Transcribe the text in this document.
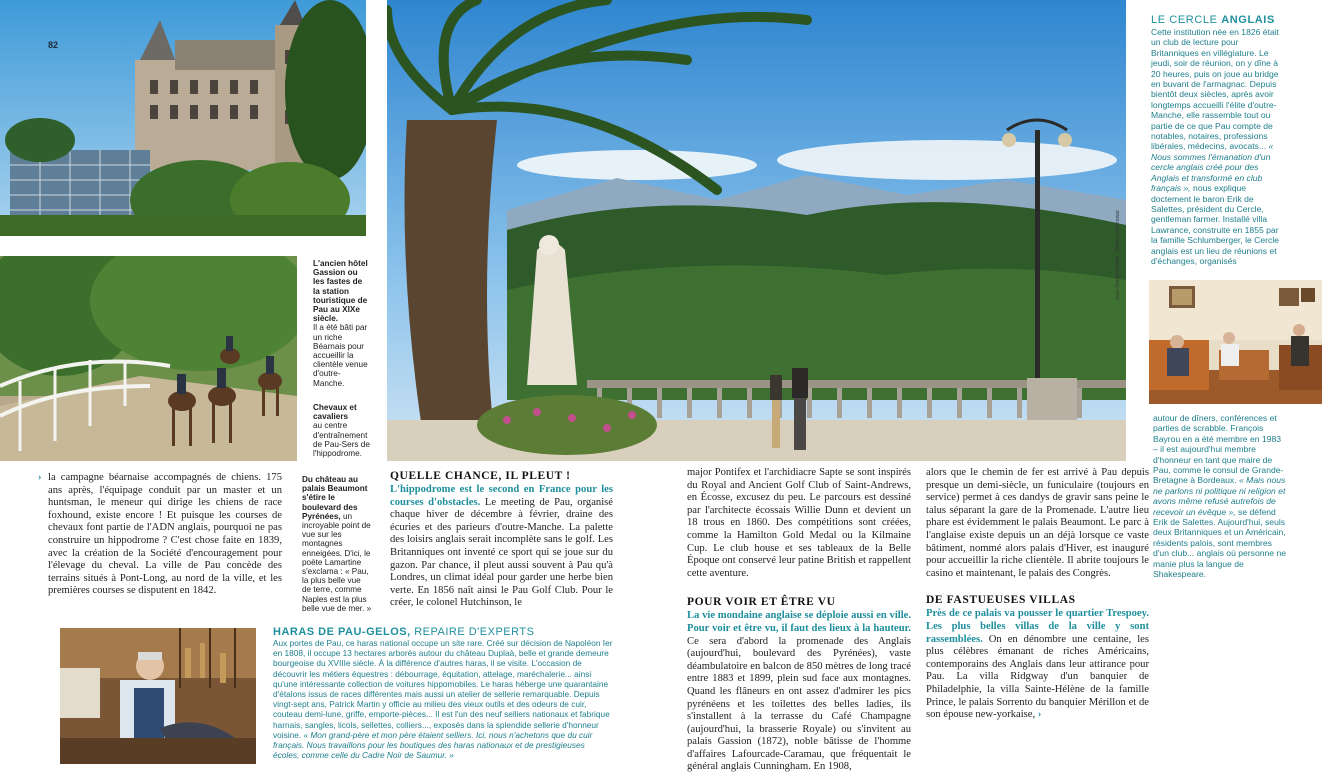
82
L'ancien hôtel Gassion ou les fastes de la station touristique de Pau au XIXe siècle.
Il a été bâti par un riche Béarnais pour accueillir la clientèle venue d'outre-Manche.
Chevaux et cavaliers
au centre d'entraînement de Pau-Sers de l'hippodrome.
Jean-Daniel Sudres · Détours en France
LE CERCLE ANGLAIS
Cette institution née en 1826 était un club de lecture pour Britanniques en villégiature. Le jeudi, soir de réunion, on y dîne à 20 heures, puis on joue au bridge en buvant de l'armagnac. Depuis bientôt deux siècles, après avoir longtemps accueilli l'élite d'outre-Manche, elle rassemble tout ou partie de ce que Pau compte de notables, notaires, professions libérales, médecins, avocats... « Nous sommes l'émanation d'un cercle anglais créé pour des Anglais et transformé en club français », nous explique doctement le baron Erik de Salettes, président du Cercle, gentleman farmer. Installé villa Lawrance, construite en 1855 par la famille Schlumberger, le Cercle anglais est un lieu de réunions et d'échanges, organisés
autour de dîners, conférences et parties de scrabble. François Bayrou en a été membre en 1983 – il est aujourd'hui membre d'honneur en tant que maire de Pau, comme le consul de Grande-Bretagne à Bordeaux. « Mais nous ne parlons ni politique ni religion et avons même refusé autrefois de recevoir un évêque », se défend Erik de Salettes. Aujourd'hui, seuls deux Britanniques et un Américain, résidents palois, sont membres d'un club... anglais où personne ne manie plus la langue de Shakespeare.
› la campagne béarnaise accompagnés de chiens. 175 ans après, l'équipage conduit par un master et un huntsman, le meneur qui dirige les chiens de race foxhound, existe encore ! Et puisque les courses de chevaux font partie de l'ADN anglais, pourquoi ne pas construire un hippodrome ? C'est chose faite en 1839, avec la création de la Société d'encouragement pour l'élevage du cheval. La ville de Pau concède des terrains situés à Pont-Long, au nord de la ville, et les premières courses se disputent en 1842.
Du château au palais Beaumont s'étire le boulevard des Pyrénées, un incroyable point de vue sur les montagnes enneigées. D'ici, le poète Lamartine s'exclama : « Pau, la plus belle vue de terre, comme Naples est la plus belle vue de mer. »
QUELLE CHANCE, IL PLEUT !
L'hippodrome est le second en France pour les courses d'obstacles. Le meeting de Pau, organisé chaque hiver de décembre à février, draine des écuries et des parieurs d'outre-Manche. La palette des loisirs anglais serait incomplète sans le golf. Les Britanniques ont inventé ce sport qui se joue sur du gazon. Par chance, il pleut aussi souvent à Pau qu'à Londres, un climat idéal pour garder une herbe bien verte. En 1856 naît ainsi le Pau Golf Club. Pour le créer, le colonel Hutchinson, le
major Pontifex et l'archidiacre Sapte se sont inspirés du Royal and Ancient Golf Club of Saint-Andrews, en Écosse, excusez du peu. Le parcours est dessiné par l'architecte écossais Willie Dunn et devient un 18 trous en 1860. Des compétitions sont créées, comme la Hamilton Gold Medal ou la Kilmaine Cup. Le club house et ses tableaux de la Belle Époque ont conservé leur patine British et rappellent cette aventure.
POUR VOIR ET ÊTRE VU
La vie mondaine anglaise se déploie aussi en ville. Pour voir et être vu, il faut des lieux à la hauteur. Ce sera d'abord la promenade des Anglais (aujourd'hui, boulevard des Pyrénées), vaste déambulatoire en balcon de 850 mètres de long tracé entre 1883 et 1899, plein sud face aux montagnes. Quand les flâneurs en ont assez d'admirer les pics pyrénéens et les toilettes des belles ladies, ils s'installent à la terrasse du Café Champagne (aujourd'hui, la brasserie Royale) ou s'invitent au palais Gassion (1872), noble bâtisse de l'homme d'affaires Lafourcade-Caramau, que fréquentait le général anglais Cunningham. En 1908,
alors que le chemin de fer est arrivé à Pau depuis presque un demi-siècle, un funiculaire (toujours en service) permet à ces dandys de gravir sans peine le talus séparant la gare de la Promenade. L'autre lieu phare est évidemment le palais Beaumont. Le parc à l'anglaise existe depuis un an déjà lorsque ce vaste bâtiment, nommé alors palais d'Hiver, est inauguré pour accueillir la riche clientèle. Il abrite toujours le casino et maintenant, le palais des Congrès.
DE FASTUEUSES VILLAS
Près de ce palais va pousser le quartier Trespoey. Les plus belles villas de la ville y sont rassemblées. On en dénombre une centaine, les plus célèbres émanant de riches Américains, contemporains des Anglais dans leur attirance pour Pau. La villa Ridgway d'un banquier de Philadelphie, la villa Sainte-Hélène de la famille Prince, le palais Sorrento du banquier Mérillon et de son épouse new-yorkaise, ›
HARAS DE PAU-GELOS, REPAIRE D'EXPERTS
Aux portes de Pau, ce haras national occupe un site rare. Créé sur décision de Napoléon Ier en 1808, il occupe 13 hectares arborés autour du château Duplaà, belle et grande demeure bourgeoise du XVIIIe siècle. À la différence d'autres haras, il se visite. L'occasion de découvrir les métiers équestres : débourrage, équitation, attelage, maréchalerie... ainsi qu'une intéressante collection de voitures hippomobiles. Le haras héberge une quarantaine d'étalons issus de races différentes mais aussi un atelier de sellerie remarquable. Depuis vingt-sept ans, Patrick Martin y officie au milieu des vieux outils et des odeurs de cuir, couteau demi-lune, griffe, emporte-pièces... Il est l'un des neuf selliers nationaux et fabrique harnais, sangles, licols, sellettes, colliers..., exposés dans la splendide sellerie d'honneur voisine. « Mon grand-père et mon père étaient selliers. Ici, nous n'achetons que du cuir français. Nous travaillons pour les boutiques des haras nationaux et de prestigieuses écoles, comme celle du Cadre Noir de Saumur. »
